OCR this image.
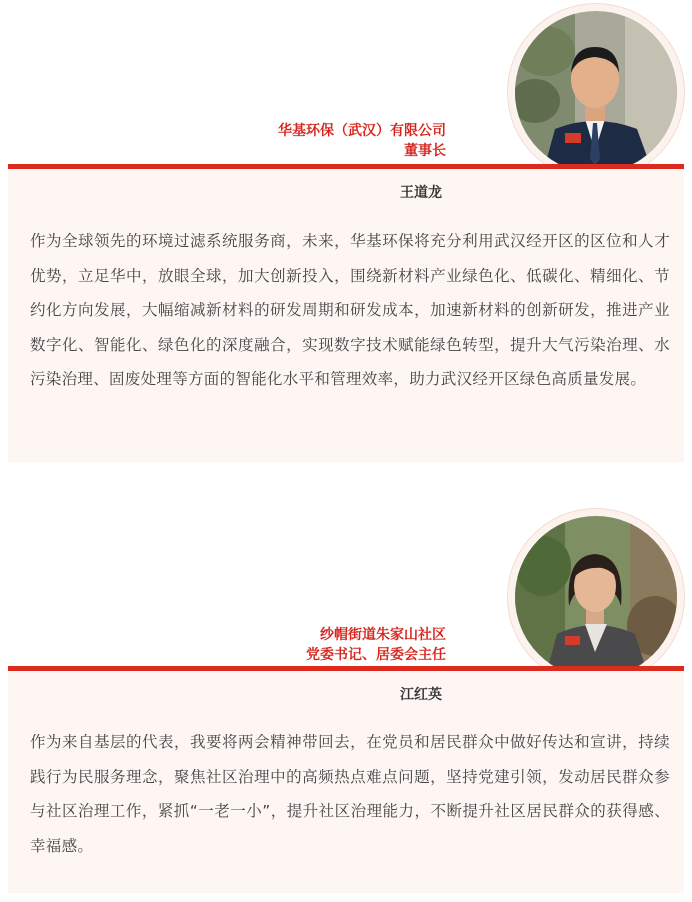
华基环保（武汉）有限公司
董事长
王道龙
作为全球领先的环境过滤系统服务商，未来，华基环保将充分利用武汉经开区的区位和人才优势，立足华中，放眼全球，加大创新投入，围绕新材料产业绿色化、低碳化、精细化、节约化方向发展，大幅缩减新材料的研发周期和研发成本，加速新材料的创新研发，推进产业数字化、智能化、绿色化的深度融合，实现数字技术赋能绿色转型，提升大气污染治理、水污染治理、固废处理等方面的智能化水平和管理效率，助力武汉经开区绿色高质量发展。
纱帽街道朱家山社区
党委书记、居委会主任
江红英
作为来自基层的代表，我要将两会精神带回去，在党员和居民群众中做好传达和宣讲，持续践行为民服务理念，聚焦社区治理中的高频热点难点问题，坚持党建引领，发动居民群众参与社区治理工作，紧抓“一老一小”，提升社区治理能力，不断提升社区居民群众的获得感、幸福感。
